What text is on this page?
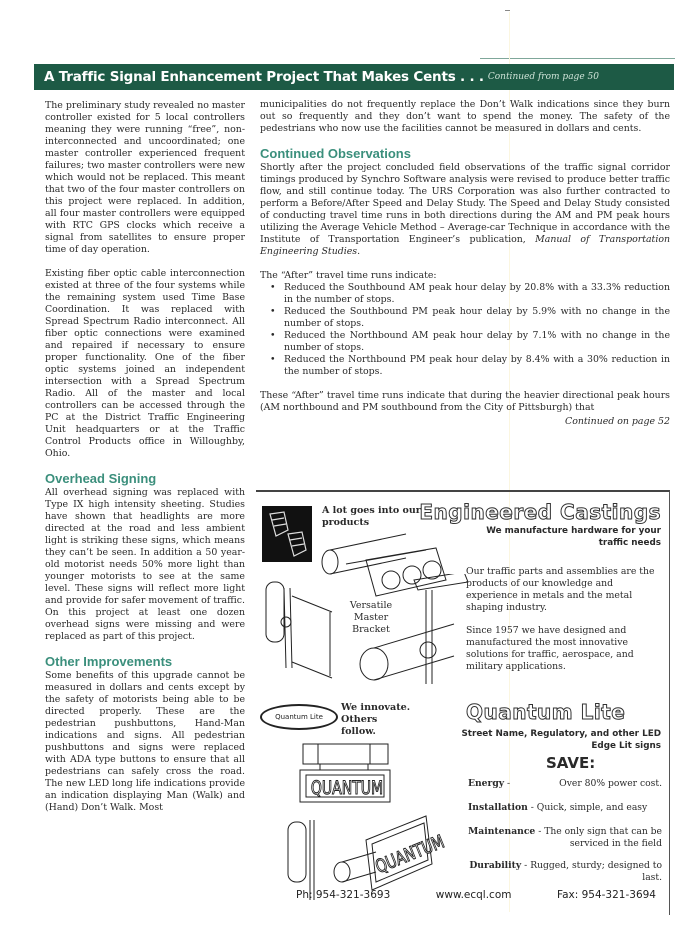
A Traffic Signal Enhancement Project That Makes Cents . . . Continued from page 50

The preliminary study revealed no master controller existed for 5 local controllers meaning they were running “free”, non-interconnected and uncoordinated; one master controller experienced frequent failures; two master controllers were new which would not be replaced. This meant that two of the four master controllers on this project were replaced. In addition, all four master controllers were equipped with RTC GPS clocks which receive a signal from satellites to ensure proper time of day operation.

Existing fiber optic cable interconnection existed at three of the four systems while the remaining system used Time Base Coordination. It was replaced with Spread Spectrum Radio interconnect. All fiber optic connections were examined and repaired if necessary to ensure proper functionality. One of the fiber optic systems joined an independent intersection with a Spread Spectrum Radio. All of the master and local controllers can be accessed through the PC at the District Traffic Engineering Unit headquarters or at the Traffic Control Products office in Willoughby, Ohio.

Overhead Signing

All overhead signing was replaced with Type IX high intensity sheeting. Studies have shown that headlights are more directed at the road and less ambient light is striking these signs, which means they can’t be seen. In addition a 50 year-old motorist needs 50% more light than younger motorists to see at the same level. These signs will reflect more light and provide for safer movement of traffic. On this project at least one dozen overhead signs were missing and were replaced as part of this project.

Other Improvements

Some benefits of this upgrade cannot be measured in dollars and cents except by the safety of motorists being able to be directed properly. These are the pedestrian pushbuttons, Hand-Man indications and signs. All pedestrian pushbuttons and signs were replaced with ADA type buttons to ensure that all pedestrians can safely cross the road. The new LED long life indications provide an indication displaying Man (Walk) and (Hand) Don’t Walk. Most

municipalities do not frequently replace the Don’t Walk indications since they burn out so frequently and they don’t want to spend the money. The safety of the pedestrians who now use the facilities cannot be measured in dollars and cents.

Continued Observations

Shortly after the project concluded field observations of the traffic signal corridor timings produced by Synchro Software analysis were revised to produce better traffic flow, and still continue today. The URS Corporation was also further contracted to perform a Before/After Speed and Delay Study. The Speed and Delay Study consisted of conducting travel time runs in both directions during the AM and PM peak hours utilizing the Average Vehicle Method – Average-car Technique in accordance with the Institute of Transportation Engineer’s publication, Manual of Transportation Engineering Studies.

The “After” travel time runs indicate:

• Reduced the Southbound AM peak hour delay by 20.8% with a 33.3% reduction in the number of stops.
• Reduced the Southbound PM peak hour delay by 5.9% with no change in the number of stops.
• Reduced the Northbound AM peak hour delay by 7.1% with no change in the number of stops.
• Reduced the Northbound PM peak hour delay by 8.4% with a 30% reduction in the number of stops.

These “After” travel time runs indicate that during the heavier directional peak hours (AM northbound and PM southbound from the City of Pittsburgh) that

Continued on page 52
A lot goes into our products	Engineered Castings
We manufacture hardware for your traffic needs
Versatile Master Bracket

Our traffic parts and assemblies are the products of our knowledge and experience in metals and the metal shaping industry.

Since 1957 we have designed and manufactured the most innovative solutions for traffic, aerospace, and military applications.

Quantum Lite
We innovate. Others follow.
QUANTUM
QUANTUM
Quantum Lite
Street Name, Regulatory, and other LED Edge Lit signs
SAVE:
Energy -	Over 80% power cost.
Installation - Quick, simple, and easy
Maintenance - The only sign that can be serviced in the field
Durability - Rugged, sturdy; designed to last.
Ph: 954-321-3693	www.ecql.com	Fax: 954-321-3694
